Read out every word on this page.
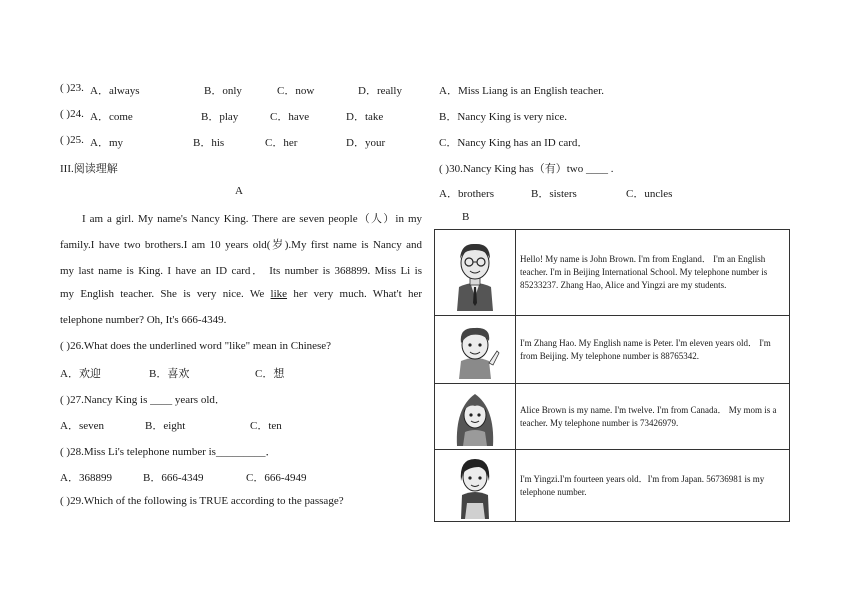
( )23. A．always	B．only	C．now	D．really
( )24. A．come	B．play	C．have	D．take
( )25. A．my	B．his	C．her	D．your
III.阅读理解
A
I am a girl. My name's Nancy King. There are seven people（人）in my
family.I have two brothers.I am 10 years old(岁).My first name is Nancy and
my last name is King. I have an ID card． Its number is 368899. Miss Li is
my English teacher. She is very nice. We like her very much. What't her
telephone number? Oh, It's 666-4349.
( )26.What does the underlined word "like" mean in Chinese?
A．欢迎	B．喜欢	C．想
( )27.Nancy King is ____ years old．
A．seven	B．eight	C．ten
( )28.Miss Li's telephone number is_________．
A．368899	B．666-4349	C．666-4949
( )29.Which of the following is TRUE according to the passage?
A．Miss Liang is an English teacher.
B．Nancy King is very nice.
C．Nancy King has an ID card．
( )30.Nancy King has（有）two ____ .
A．brothers	B．sisters	C．uncles
B
	Hello! My name is John Brown. I'm from England． I'm an English teacher. I'm in Beijing International School. My telephone number is 85233237. Zhang Hao, Alice and Yingzi are my students.

	I'm Zhang Hao. My English name is Peter. I'm eleven years old． I'm from Beijing. My telephone number is 88765342.

	Alice Brown is my name. I'm twelve. I'm from Canada． My mom is a teacher. My telephone number is 73426979.

	I'm Yingzi.I'm fourteen years old．I'm from Japan. 56736981 is my telephone number.
